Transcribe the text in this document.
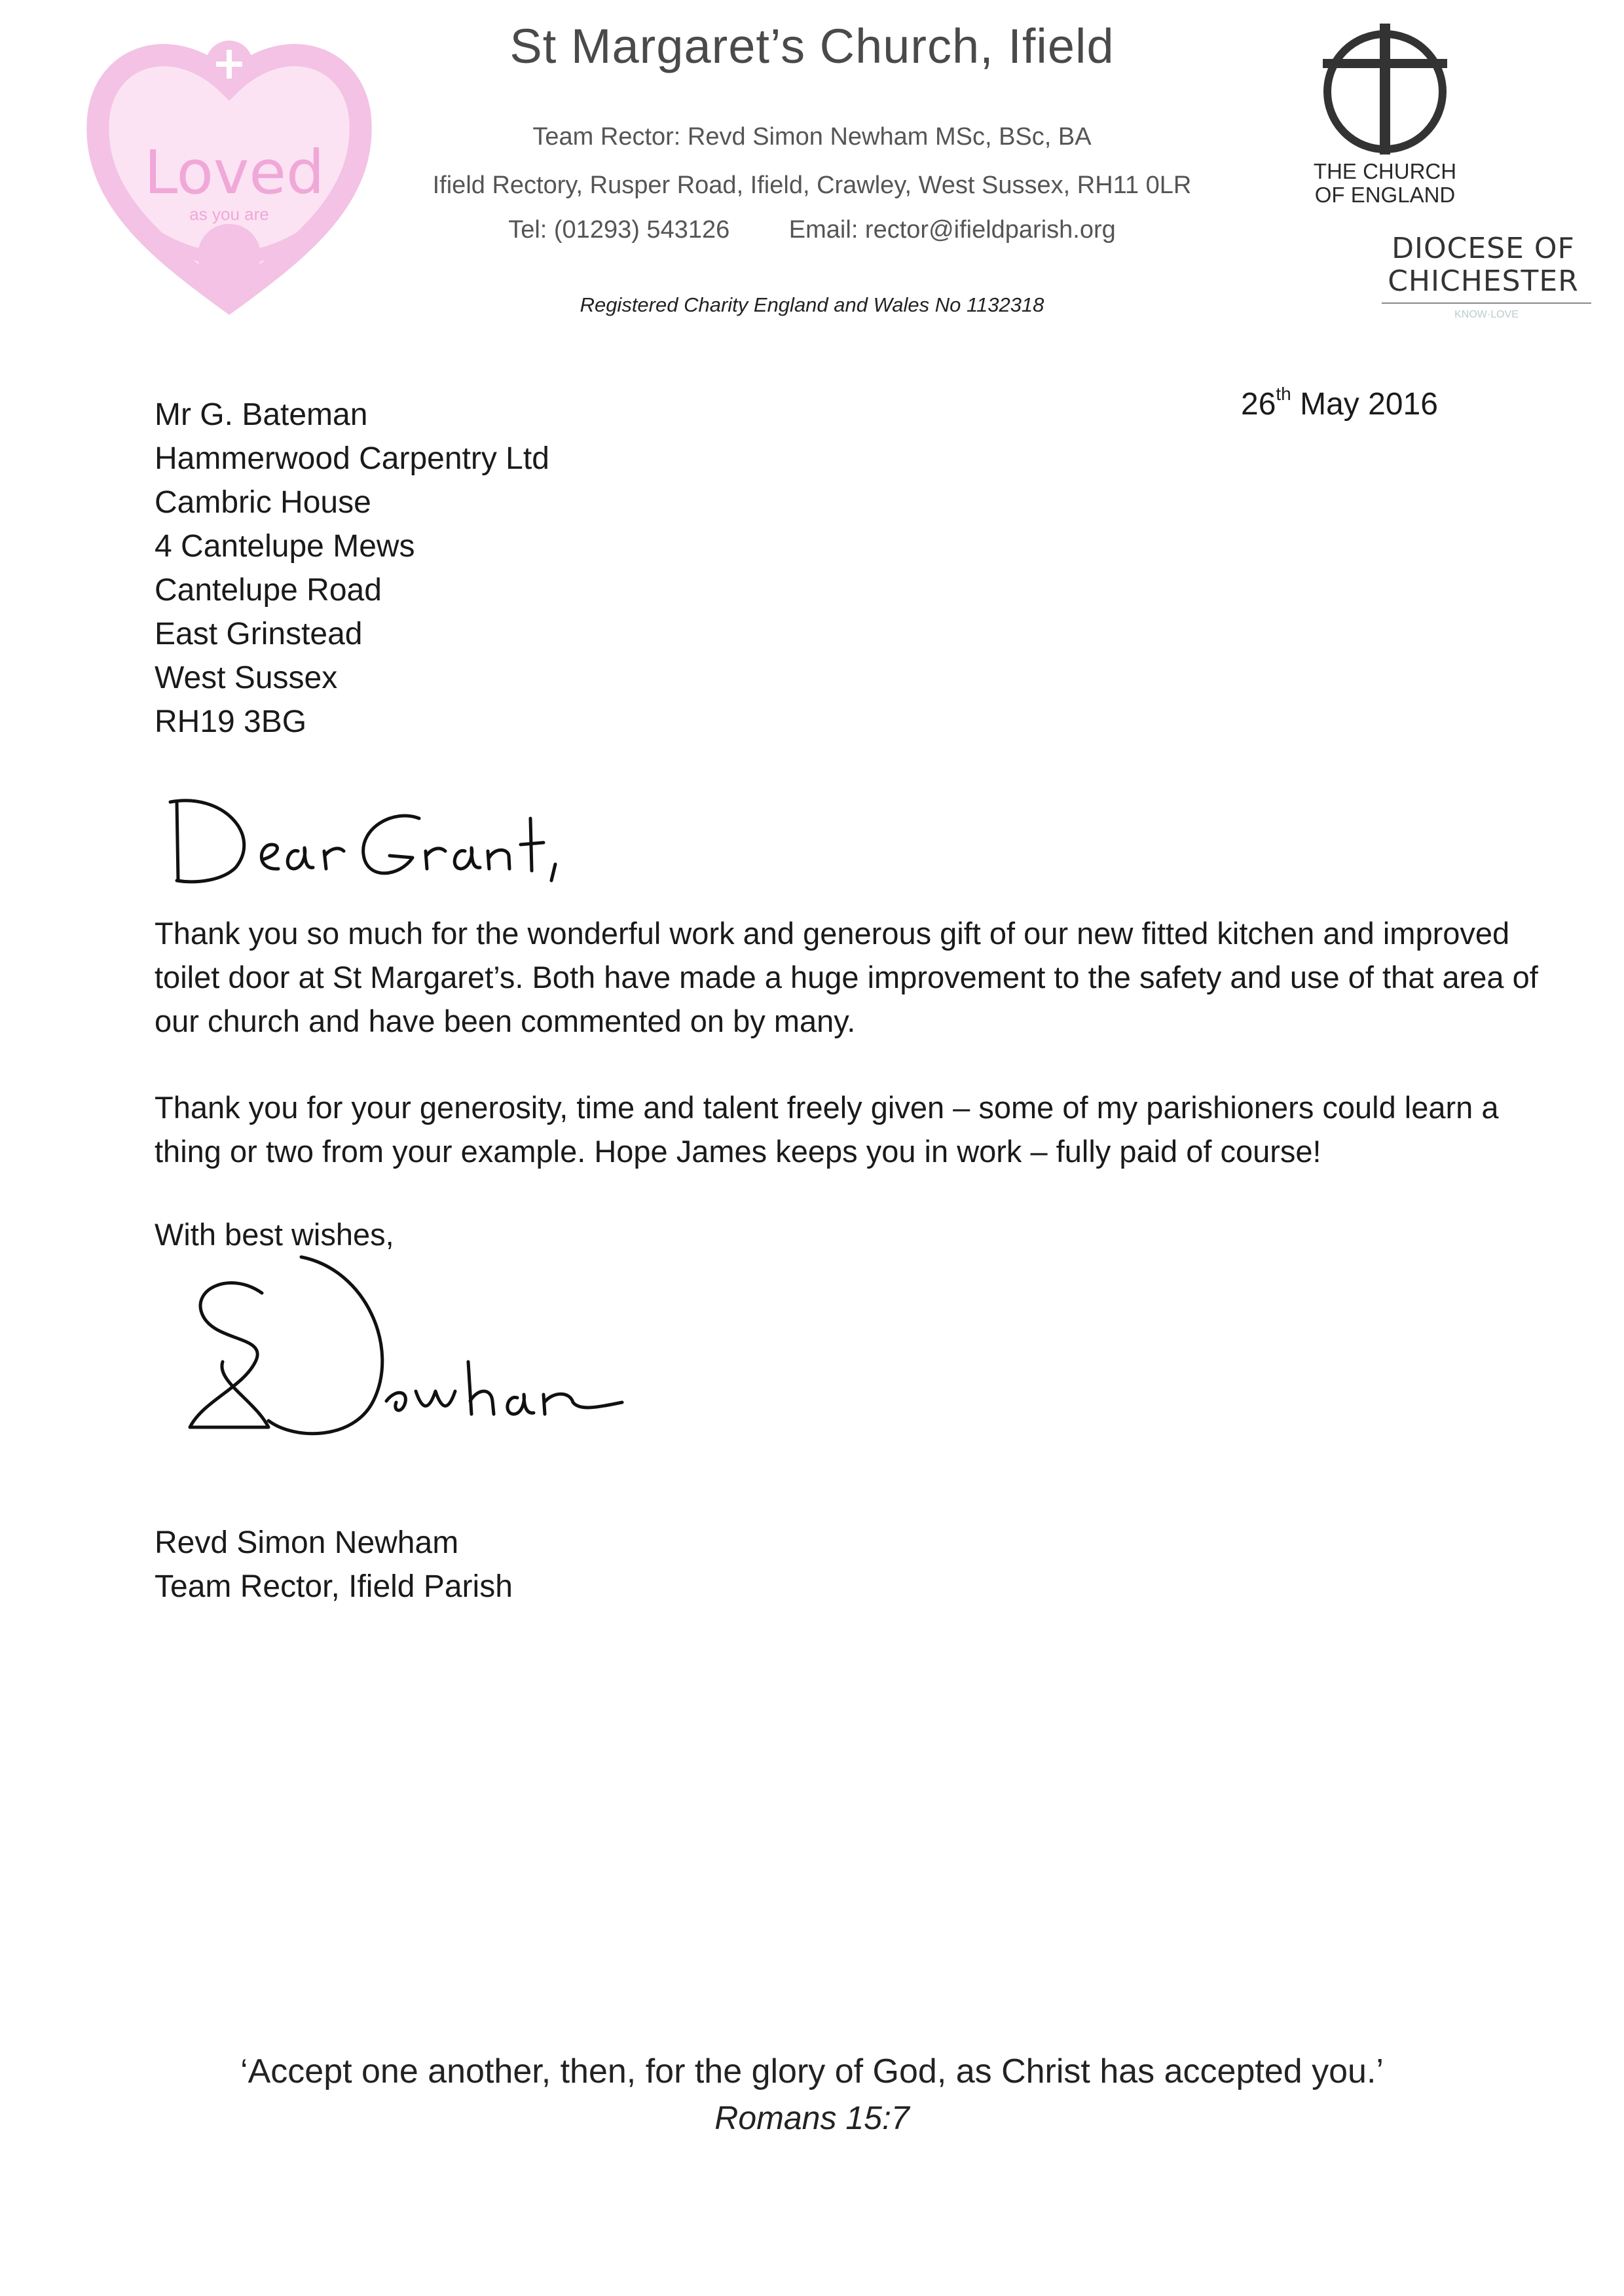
St Margaret’s Church, Ifield
Team Rector: Revd Simon Newham MSc, BSc, BA
Ifield Rectory, Rusper Road, Ifield, Crawley, West Sussex, RH11 0LR
Tel: (01293) 543126 Email: rector@ifieldparish.org
Registered Charity England and Wales No 1132318
Loved
as you are
THE CHURCH
OF ENGLAND
DIOCESE OF
CHICHESTER
KNOW·LOVE
26th May 2016
Mr G. Bateman
Hammerwood Carpentry Ltd
Cambric House
4 Cantelupe Mews
Cantelupe Road
East Grinstead
West Sussex
RH19 3BG
Thank you so much for the wonderful work and generous gift of our new fitted kitchen and improved toilet door at St Margaret’s. Both have made a huge improvement to the safety and use of that area of our church and have been commented on by many.
Thank you for your generosity, time and talent freely given – some of my parishioners could learn a thing or two from your example. Hope James keeps you in work – fully paid of course!
With best wishes,
Revd Simon Newham
Team Rector, Ifield Parish
‘Accept one another, then, for the glory of God, as Christ has accepted you.’
Romans 15:7
